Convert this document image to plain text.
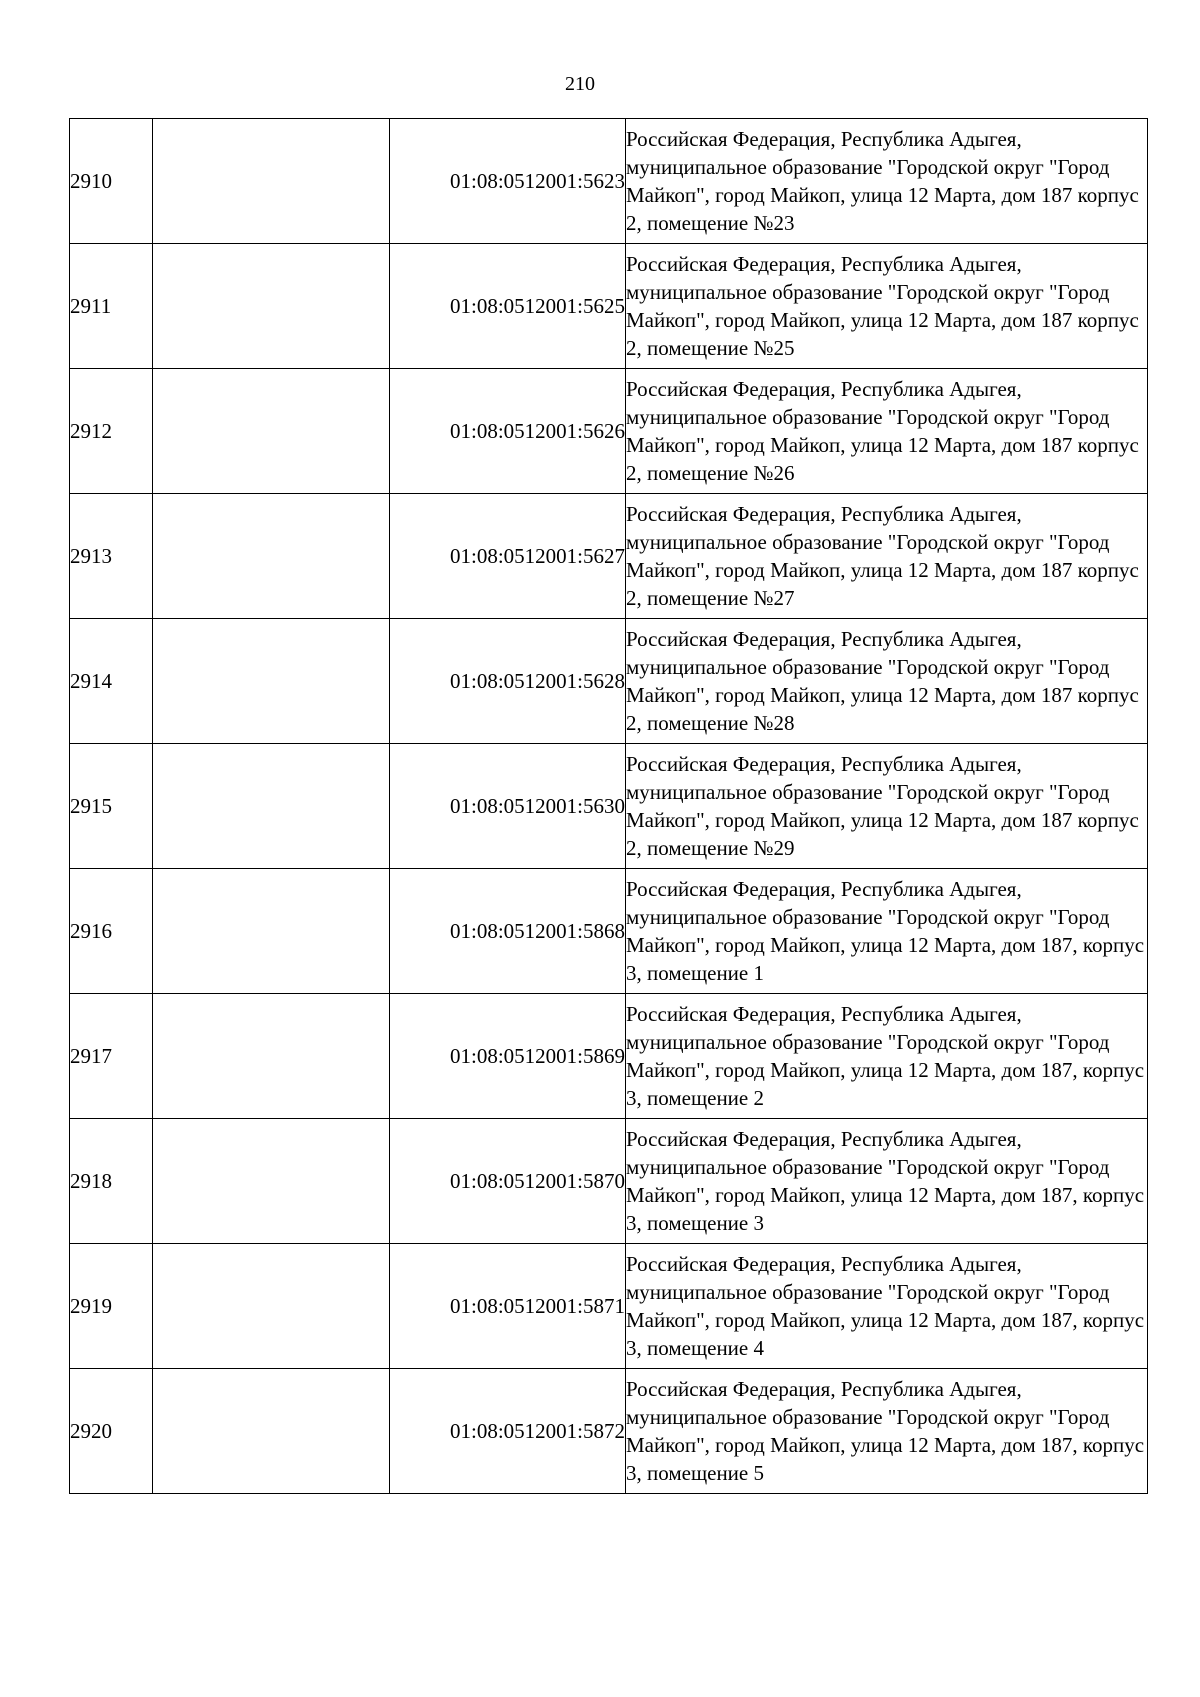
210
2910		01:08:0512001:5623	Российская Федерация, Республика Адыгея, муниципальное образование "Городской округ "Город Майкоп", город Майкоп, улица 12 Марта, дом 187 корпус 2, помещение №23
2911		01:08:0512001:5625	Российская Федерация, Республика Адыгея, муниципальное образование "Городской округ "Город Майкоп", город Майкоп, улица 12 Марта, дом 187 корпус 2, помещение №25
2912		01:08:0512001:5626	Российская Федерация, Республика Адыгея, муниципальное образование "Городской округ "Город Майкоп", город Майкоп, улица 12 Марта, дом 187 корпус 2, помещение №26
2913		01:08:0512001:5627	Российская Федерация, Республика Адыгея, муниципальное образование "Городской округ "Город Майкоп", город Майкоп, улица 12 Марта, дом 187 корпус 2, помещение №27
2914		01:08:0512001:5628	Российская Федерация, Республика Адыгея, муниципальное образование "Городской округ "Город Майкоп", город Майкоп, улица 12 Марта, дом 187 корпус 2, помещение №28
2915		01:08:0512001:5630	Российская Федерация, Республика Адыгея, муниципальное образование "Городской округ "Город Майкоп", город Майкоп, улица 12 Марта, дом 187 корпус 2, помещение №29
2916		01:08:0512001:5868	Российская Федерация, Республика Адыгея, муниципальное образование "Городской округ "Город Майкоп", город Майкоп, улица 12 Марта, дом 187, корпус 3, помещение 1
2917		01:08:0512001:5869	Российская Федерация, Республика Адыгея, муниципальное образование "Городской округ "Город Майкоп", город Майкоп, улица 12 Марта, дом 187, корпус 3, помещение 2
2918		01:08:0512001:5870	Российская Федерация, Республика Адыгея, муниципальное образование "Городской округ "Город Майкоп", город Майкоп, улица 12 Марта, дом 187, корпус 3, помещение 3
2919		01:08:0512001:5871	Российская Федерация, Республика Адыгея, муниципальное образование "Городской округ "Город Майкоп", город Майкоп, улица 12 Марта, дом 187, корпус 3, помещение 4
2920		01:08:0512001:5872	Российская Федерация, Республика Адыгея, муниципальное образование "Городской округ "Город Майкоп", город Майкоп, улица 12 Марта, дом 187, корпус 3, помещение 5
